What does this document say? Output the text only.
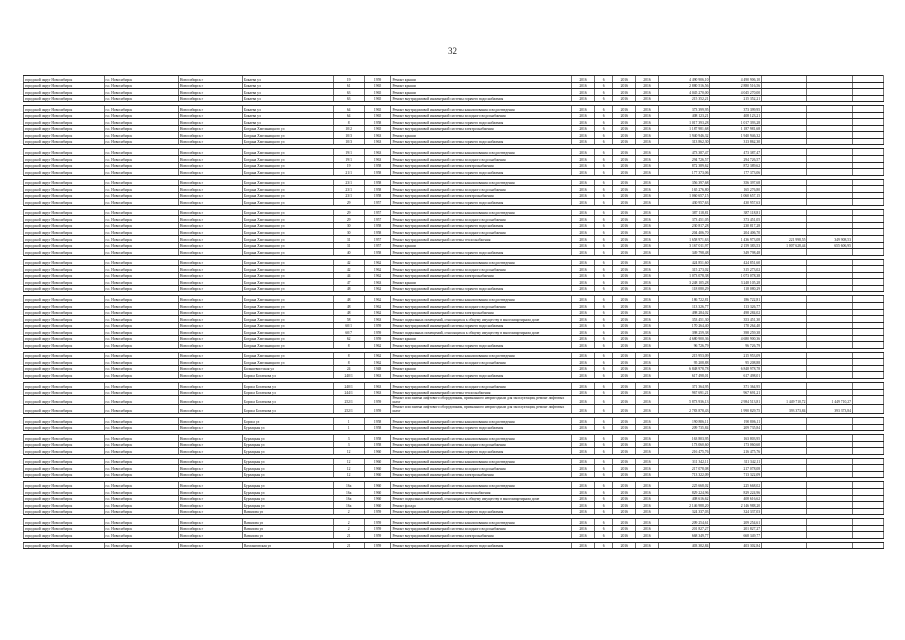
32
городской округ Новосибирск	г.о. Новосибирск	Новосибирск г	Бокаева ул	19	1959	Ремонт крыши	2016	6	2016	2016	4 490 906,10	4 490 906,10			
городской округ Новосибирск	г.о. Новосибирск	Новосибирск г	Бокаева ул	61	1965	Ремонт крыши	2016	6	2016	2016	2 880 516,56	2 880 516,56			
городской округ Новосибирск	г.о. Новосибирск	Новосибирск г	Бокаева ул	63	1965	Ремонт крыши	2016	6	2016	2016	4 045 270,00	4 045 270,00			
городской округ Новосибирск	г.о. Новосибирск	Новосибирск г	Бокаева ул	63	1965	Ремонт внутридомовой инженерной системы горячего водоснабжения	2016	6	2016	2016	215 352,21	215 352,21			

городской округ Новосибирск	г.о. Новосибирск	Новосибирск г	Бокаева ул	64	1965	Ремонт внутридомовой инженерной системы канализования и водоотведения	2016	6	2016	2016	373 399,95	373 399,95			
городской округ Новосибирск	г.о. Новосибирск	Новосибирск г	Бокаева ул	64	1965	Ремонт внутридомовой инженерной системы холодного водоснабжения	2016	6	2016	2016	408 123,21	408 123,21			
городской округ Новосибирск	г.о. Новосибирск	Новосибирск г	Бокаева ул	8	1958	Ремонт внутридомовой инженерной системы горячего водоснабжения	2016	6	2016	2016	1 017 393,28	1 017 393,28			
городской округ Новосибирск	г.о. Новосибирск	Новосибирск г	Богдана Хмельницкого ул	10/2	1965	Ремонт внутридомовой инженерной системы электроснабжения	2016	6	2016	2016	1 187 981,68	1 187 981,68			
городской округ Новосибирск	г.о. Новосибирск	Новосибирск г	Богдана Хмельницкого ул	10/3	1963	Ремонт крыши	2016	6	2016	2016	1 940 946,32	1 940 946,32			
городской округ Новосибирск	г.о. Новосибирск	Новосибирск г	Богдана Хмельницкого ул	10/3	1963	Ремонт внутридомовой инженерной системы горячего водоснабжения	2016	6	2016	2016	313 862,30	313 862,30			

городской округ Новосибирск	г.о. Новосибирск	Новосибирск г	Богдана Хмельницкого ул	19/1	1963	Ремонт внутридомовой инженерной системы канализования и водоотведения	2016	6	2016	2016	473 387,47	473 387,47			
городской округ Новосибирск	г.о. Новосибирск	Новосибирск г	Богдана Хмельницкого ул	19/1	1963	Ремонт внутридомовой инженерной системы холодного водоснабжения	2016	6	2016	2016	294 726,57	294 726,57			
городской округ Новосибирск	г.о. Новосибирск	Новосибирск г	Богдана Хмельницкого ул	19	1958	Ремонт внутридомовой инженерной системы электроснабжения	2016	6	2016	2016	872 389,62	872 389,62			
городской округ Новосибирск	г.о. Новосибирск	Новосибирск г	Богдана Хмельницкого ул	21/1	1958	Ремонт внутридомовой инженерной системы горячего водоснабжения	2016	6	2016	2016	177 373,06	177 373,06			

городской округ Новосибирск	г.о. Новосибирск	Новосибирск г	Богдана Хмельницкого ул	23/1	1958	Ремонт внутридомовой инженерной системы канализования и водоотведения	2016	6	2016	2016	356 397,68	356 397,68			
городской округ Новосибирск	г.о. Новосибирск	Новосибирск г	Богдана Хмельницкого ул	23/1	1958	Ремонт внутридомовой инженерной системы холодного водоснабжения	2016	6	2016	2016	165 276,80	165 276,80			
городской округ Новосибирск	г.о. Новосибирск	Новосибирск г	Богдана Хмельницкого ул	23/1	1958	Ремонт внутридомовой инженерной системы электроснабжения	2016	6	2016	2016	1 060 657,15	1 060 657,15			
городской округ Новосибирск	г.о. Новосибирск	Новосибирск г	Богдана Хмельницкого ул	29	1957	Ремонт внутридомовой инженерной системы горячего водоснабжения	2016	6	2016	2016	430 957,63	430 957,63			

городской округ Новосибирск	г.о. Новосибирск	Новосибирск г	Богдана Хмельницкого ул	29	1957	Ремонт внутридомовой инженерной системы канализования и водоотведения	2016	6	2016	2016	387 118,81	387 118,81			
городской округ Новосибирск	г.о. Новосибирск	Новосибирск г	Богдана Хмельницкого ул	29	1957	Ремонт внутридомовой инженерной системы холодного водоснабжения	2016	6	2016	2016	373 451,05	373 451,05			
городской округ Новосибирск	г.о. Новосибирск	Новосибирск г	Богдана Хмельницкого ул	30	1958	Ремонт внутридомовой инженерной системы горячего водоснабжения	2016	6	2016	2016	230 817,28	230 817,28			
городской округ Новосибирск	г.о. Новосибирск	Новосибирск г	Богдана Хмельницкого ул	30	1958	Ремонт внутридомовой инженерной системы холодного водоснабжения	2016	6	2016	2016	204 406,70	204 406,70			
городской округ Новосибирск	г.о. Новосибирск	Новосибирск г	Богдана Хмельницкого ул	31	1957	Ремонт внутридомовой инженерной системы теплоснабжения	2016	6	2016	2016	1 658 971,63	1 436 973,08	221 998,55	349 908,53	
городской округ Новосибирск	г.о. Новосибирск	Новосибирск г	Богдана Хмельницкого ул	31	1957	Ремонт крыши	2016	6	2016	2016	3 167 011,97	2 159 383,53	1 007 628,44	655 606,95	
городской округ Новосибирск	г.о. Новосибирск	Новосибирск г	Богдана Хмельницкого ул	40	1958	Ремонт внутридомовой инженерной системы горячего водоснабжения	2016	6	2016	2016	349 798,48	349 798,48			

городской округ Новосибирск	г.о. Новосибирск	Новосибирск г	Богдана Хмельницкого ул	42	1962	Ремонт внутридомовой инженерной системы канализования и водоотведения	2016	6	2016	2016	424 851,60	424 851,60			
городской округ Новосибирск	г.о. Новосибирск	Новосибирск г	Богдана Хмельницкого ул	42	1962	Ремонт внутридомовой инженерной системы холодного водоснабжения	2016	6	2016	2016	315 273,02	315 273,02			
городской округ Новосибирск	г.о. Новосибирск	Новосибирск г	Богдана Хмельницкого ул	44	1962	Ремонт внутридомовой инженерной системы электроснабжения	2016	6	2016	2016	1 073 078,38	1 073 078,38			
городской округ Новосибирск	г.о. Новосибирск	Новосибирск г	Богдана Хмельницкого ул	47	1963	Ремонт крыши	2016	6	2016	2016	3 248 105,28	3 248 105,28			
городской округ Новосибирск	г.о. Новосибирск	Новосибирск г	Богдана Хмельницкого ул	48	1962	Ремонт внутридомовой инженерной системы горячего водоснабжения	2016	6	2016	2016	118 080,29	118 080,29			

городской округ Новосибирск	г.о. Новосибирск	Новосибирск г	Богдана Хмельницкого ул	48	1962	Ремонт внутридомовой инженерной системы канализования и водоотведения	2016	6	2016	2016	186 722,81	186 722,81			
городской округ Новосибирск	г.о. Новосибирск	Новосибирск г	Богдана Хмельницкого ул	48	1962	Ремонт внутридомовой инженерной системы холодного водоснабжения	2016	6	2016	2016	113 326,77	113 326,77			
городской округ Новосибирск	г.о. Новосибирск	Новосибирск г	Богдана Хмельницкого ул	48	1962	Ремонт внутридомовой инженерной системы электроснабжения	2016	6	2016	2016	498 284,02	498 284,02			
городской округ Новосибирск	г.о. Новосибирск	Новосибирск г	Богдана Хмельницкого ул	58	1963	Ремонт подвальных помещений, относящихся к общему имуществу в многоквартирном доме	2016	6	2016	2016	353 451,30	353 451,30			
городской округ Новосибирск	г.о. Новосибирск	Новосибирск г	Богдана Хмельницкого ул	60/1	1959	Ремонт внутридомовой инженерной системы горячего водоснабжения	2016	6	2016	2016	170 264,40	170 264,40			
городской округ Новосибирск	г.о. Новосибирск	Новосибирск г	Богдана Хмельницкого ул	60/7	1959	Ремонт подвальных помещений, относящихся к общему имуществу в многоквартирном доме	2016	6	2016	2016	398 259,38	398 259,38			
городской округ Новосибирск	г.о. Новосибирск	Новосибирск г	Богдана Хмельницкого ул	62	1959	Ремонт крыши	2016	6	2016	2016	4 680 900,36	4 680 900,36			
городской округ Новосибирск	г.о. Новосибирск	Новосибирск г	Богдана Хмельницкого ул	8	1962	Ремонт внутридомовой инженерной системы горячего водоснабжения	2016	6	2016	2016	96 726,79	96 726,79			

городской округ Новосибирск	г.о. Новосибирск	Новосибирск г	Богдана Хмельницкого ул	8	1962	Ремонт внутридомовой инженерной системы канализования и водоотведения	2016	6	2016	2016	215 953,09	215 953,09			
городской округ Новосибирск	г.о. Новосибирск	Новосибирск г	Богдана Хмельницкого ул	8	1962	Ремонт внутридомовой инженерной системы холодного водоснабжения	2016	6	2016	2016	95 208,88	95 208,88			
городской округ Новосибирск	г.о. Новосибирск	Новосибирск г	Большевистская ул	24	1948	Ремонт крыши	2016	6	2016	2016	6 848 978,78	6 848 978,78			
городской округ Новосибирск	г.о. Новосибирск	Новосибирск г	Бориса Богаткова ул	240/1	1963	Ремонт внутридомовой инженерной системы горячего водоснабжения	2016	6	2016	2016	617 498,01	617 498,01			

городской округ Новосибирск	г.о. Новосибирск	Новосибирск г	Бориса Богаткова ул	240/1	1963	Ремонт внутридомовой инженерной системы холодного водоснабжения	2016	6	2016	2016	371 364,95	371 364,95			
городской округ Новосибирск	г.о. Новосибирск	Новосибирск г	Бориса Богаткова ул	244/1	1963	Ремонт внутридомовой инженерной системы теплоснабжения	2016	6	2016	2016	967 691,21	967 691,21			
городской округ Новосибирск	г.о. Новосибирск	Новосибирск г	Бориса Богаткова ул	252/1	1959	Ремонт или замена лифтового оборудования, признанного непригодным для эксплуатации, ремонт лифтовых шахт	2016	6	2016	2016	5 873 936,13	2 984 513,81	1 449 710,72	1 449 710,27	
городской округ Новосибирск	г.о. Новосибирск	Новосибирск г	Бориса Богаткова ул	252/1	1959	Ремонт или замена лифтового оборудования, признанного непригодным для эксплуатации, ремонт лифтовых шахт	2016	6	2016	2016	2 783 878,43	1 990 829,75	393 373,84	393 373,84	

городской округ Новосибирск	г.о. Новосибирск	Новосибирск г	Бориса ул	1	1958	Ремонт внутридомовой инженерной системы канализования и водоотведения	2016	6	2016	2016	190 806,11	190 806,11			
городской округ Новосибирск	г.о. Новосибирск	Новосибирск г	Бурлацкая ул	1	1958	Ремонт внутридомовой инженерной системы горячего водоснабжения	2016	6	2016	2016	209 735,84	209 735,84			

городской округ Новосибирск	г.о. Новосибирск	Новосибирск г	Бурлацкая ул	3	1958	Ремонт внутридомовой инженерной системы канализования и водоотведения	2016	6	2016	2016	163 803,95	163 803,95			
городской округ Новосибирск	г.о. Новосибирск	Новосибирск г	Бурлацкая ул	3	1958	Ремонт внутридомовой инженерной системы холодного водоснабжения	2016	6	2016	2016	173 060,60	173 060,60			
городской округ Новосибирск	г.о. Новосибирск	Новосибирск г	Бурлацкая ул	12	1960	Ремонт внутридомовой инженерной системы горячего водоснабжения	2016	6	2016	2016	216 475,76	216 475,76			

городской округ Новосибирск	г.о. Новосибирск	Новосибирск г	Бурлацкая ул	12	1960	Ремонт внутридомовой инженерной системы канализования и водоотведения	2016	6	2016	2016	311 342,11	311 342,11			
городской округ Новосибирск	г.о. Новосибирск	Новосибирск г	Бурлацкая ул	12	1960	Ремонт внутридомовой инженерной системы холодного водоснабжения	2016	6	2016	2016	217 078,08	217 078,08			
городской округ Новосибирск	г.о. Новосибирск	Новосибирск г	Бурлацкая ул	12	1960	Ремонт внутридомовой инженерной системы электроснабжения	2016	6	2016	2016	713 322,09	713 322,09			

городской округ Новосибирск	г.о. Новосибирск	Новосибирск г	Бурлацкая ул	16а	1960	Ремонт внутридомовой инженерной системы канализования и водоотведения	2016	6	2016	2016	225 668,02	225 668,02			
городской округ Новосибирск	г.о. Новосибирск	Новосибирск г	Бурлацкая ул	16а	1960	Ремонт внутридомовой инженерной системы теплоснабжения	2016	6	2016	2016	829 224,96	829 224,96			
городской округ Новосибирск	г.о. Новосибирск	Новосибирск г	Бурлацкая ул	16а	1960	Ремонт подвальных помещений, относящихся к общему имуществу в многоквартирном доме	2016	6	2016	2016	408 616,62	408 616,62			
городской округ Новосибирск	г.о. Новосибирск	Новосибирск г	Бурлацкая ул	16а	1960	Ремонт фасада	2016	6	2016	2016	2 146 988,20	2 146 988,20			
городской округ Новосибирск	г.о. Новосибирск	Новосибирск г	Вавилова ул	2	1959	Ремонт внутридомовой инженерной системы горячего водоснабжения	2016	6	2016	2016	324 337,03	324 337,03			

городской округ Новосибирск	г.о. Новосибирск	Новосибирск г	Вавилова ул	2	1959	Ремонт внутридомовой инженерной системы канализования и водоотведения	2016	6	2016	2016	209 254,61	209 254,61			
городской округ Новосибирск	г.о. Новосибирск	Новосибирск г	Вавилова ул	2	1959	Ремонт внутридомовой инженерной системы холодного водоснабжения	2016	6	2016	2016	201 827,27	201 827,27			
городской округ Новосибирск	г.о. Новосибирск	Новосибирск г	Вавилова ул	21	1959	Ремонт внутридомовой инженерной системы электроснабжения	2016	6	2016	2016	668 349,77	668 349,77			

городской округ Новосибирск	г.о. Новосибирск	Новосибирск г	Вахтанговская ул	21	1959	Ремонт внутридомовой инженерной системы горячего водоснабжения	2016	6	2016	2016	403 302,84	403 302,84			
